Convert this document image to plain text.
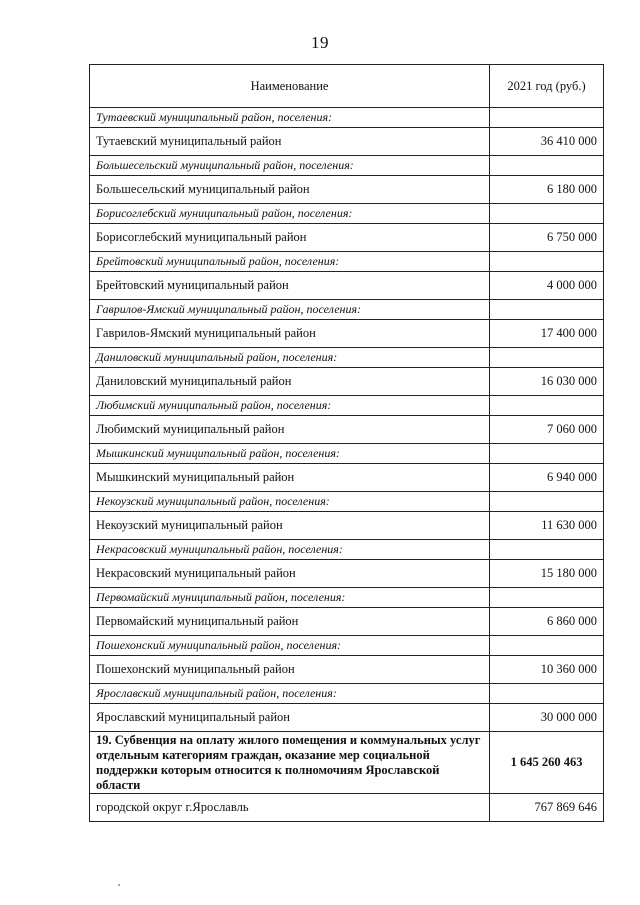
19
Наименование	2021 год (руб.)
Тутаевский муниципальный район, поселения:	
Тутаевский муниципальный район	36 410 000
Большесельский муниципальный район, поселения:	
Большесельский муниципальный район	6 180 000
Борисоглебский муниципальный район, поселения:	
Борисоглебский муниципальный район	6 750 000
Брейтовский муниципальный район, поселения:	
Брейтовский муниципальный район	4 000 000
Гаврилов-Ямский муниципальный район, поселения:	
Гаврилов-Ямский муниципальный район	17 400 000
Даниловский муниципальный район, поселения:	
Даниловский муниципальный район	16 030 000
Любимский муниципальный район, поселения:	
Любимский муниципальный район	7 060 000
Мышкинский муниципальный район, поселения:	
Мышкинский муниципальный район	6 940 000
Некоузский муниципальный район, поселения:	
Некоузский муниципальный район	11 630 000
Некрасовский муниципальный район, поселения:	
Некрасовский муниципальный район	15 180 000
Первомайский муниципальный район, поселения:	
Первомайский муниципальный район	6 860 000
Пошехонский муниципальный район, поселения:	
Пошехонский муниципальный район	10 360 000
Ярославский муниципальный район, поселения:	
Ярославский муниципальный район	30 000 000
19. Субвенция на оплату жилого помещения и коммунальных услуг отдельным категориям граждан, оказание мер социальной поддержки которым относится к полномочиям Ярославской области	1 645 260 463
городской округ г.Ярославль	767 869 646
